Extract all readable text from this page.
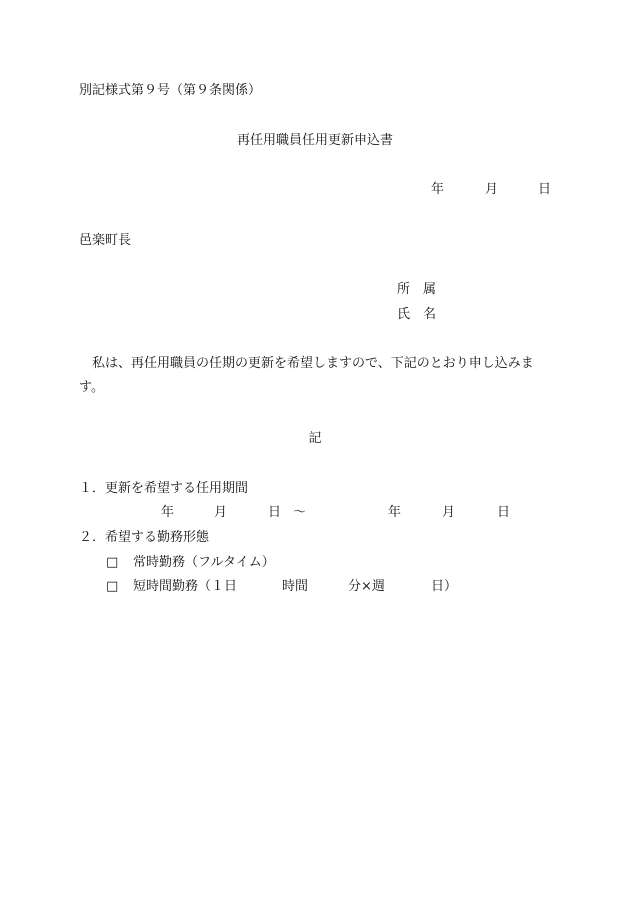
別記様式第９号（第９条関係）
再任用職員任用更新申込書
年	月	日
邑楽町長
所　属
氏　名
私は、再任用職員の任期の更新を希望しますので、下記のとおり申し込みます。
記
１．更新を希望する任用期間
年	月	日 ～	年	月	日
２．希望する勤務形態
□ 常時勤務（フルタイム）
□ 短時間勤務（１日	時間	分×週	日）
